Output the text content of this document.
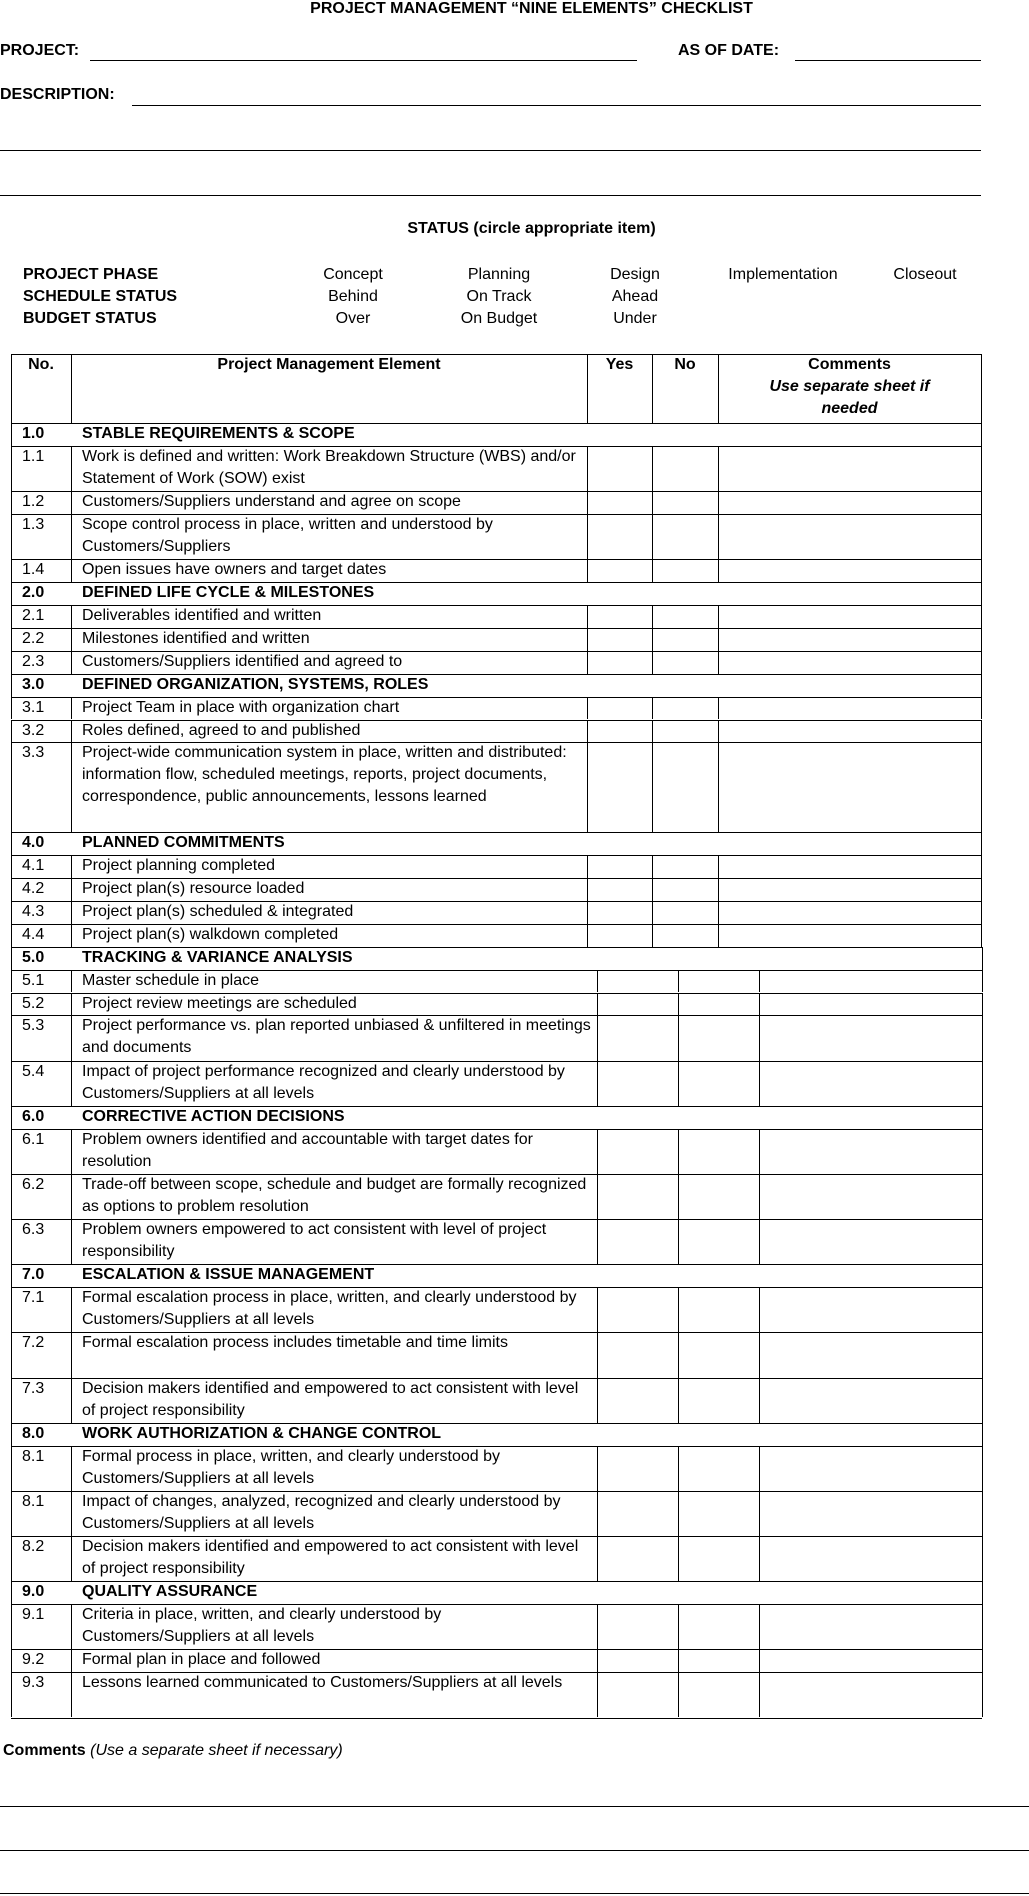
PROJECT MANAGEMENT “NINE ELEMENTS” CHECKLIST
PROJECT:	AS OF DATE:
DESCRIPTION:
STATUS (circle appropriate item)
PROJECT PHASE	Concept	Planning	Design	Implementation	Closeout
SCHEDULE STATUS	Behind	On Track	Ahead
BUDGET STATUS	Over	On Budget	Under
No.	Project Management Element	Yes	No	Comments
Use separate sheet if needed
1.0 STABLE REQUIREMENTS & SCOPE
1.1	Work is defined and written: Work Breakdown Structure (WBS) and/or Statement of Work (SOW) exist
1.2	Customers/Suppliers understand and agree on scope
1.3	Scope control process in place, written and understood by Customers/Suppliers
1.4	Open issues have owners and target dates
2.0 DEFINED LIFE CYCLE & MILESTONES
2.1	Deliverables identified and written
2.2	Milestones identified and written
2.3	Customers/Suppliers identified and agreed to
3.0 DEFINED ORGANIZATION, SYSTEMS, ROLES
3.1	Project Team in place with organization chart
3.2	Roles defined, agreed to and published
3.3	Project-wide communication system in place, written and distributed: information flow, scheduled meetings, reports, project documents, correspondence, public announcements, lessons learned
4.0 PLANNED COMMITMENTS
4.1	Project planning completed
4.2	Project plan(s) resource loaded
4.3	Project plan(s) scheduled & integrated
4.4	Project plan(s) walkdown completed
5.0 TRACKING & VARIANCE ANALYSIS
5.1	Master schedule in place
5.2	Project review meetings are scheduled
5.3	Project performance vs. plan reported unbiased & unfiltered in meetings and documents
5.4	Impact of project performance recognized and clearly understood by Customers/Suppliers at all levels
6.0 CORRECTIVE ACTION DECISIONS
6.1	Problem owners identified and accountable with target dates for resolution
6.2	Trade-off between scope, schedule and budget are formally recognized as options to problem resolution
6.3	Problem owners empowered to act consistent with level of project responsibility
7.0 ESCALATION & ISSUE MANAGEMENT
7.1	Formal escalation process in place, written, and clearly understood by Customers/Suppliers at all levels
7.2	Formal escalation process includes timetable and time limits
7.3	Decision makers identified and empowered to act consistent with level of project responsibility
8.0 WORK AUTHORIZATION & CHANGE CONTROL
8.1	Formal process in place, written, and clearly understood by Customers/Suppliers at all levels
8.1	Impact of changes, analyzed, recognized and clearly understood by Customers/Suppliers at all levels
8.2	Decision makers identified and empowered to act consistent with level of project responsibility
9.0 QUALITY ASSURANCE
9.1	Criteria in place, written, and clearly understood by Customers/Suppliers at all levels
9.2	Formal plan in place and followed
9.3	Lessons learned communicated to Customers/Suppliers at all levels
Comments (Use a separate sheet if necessary)
